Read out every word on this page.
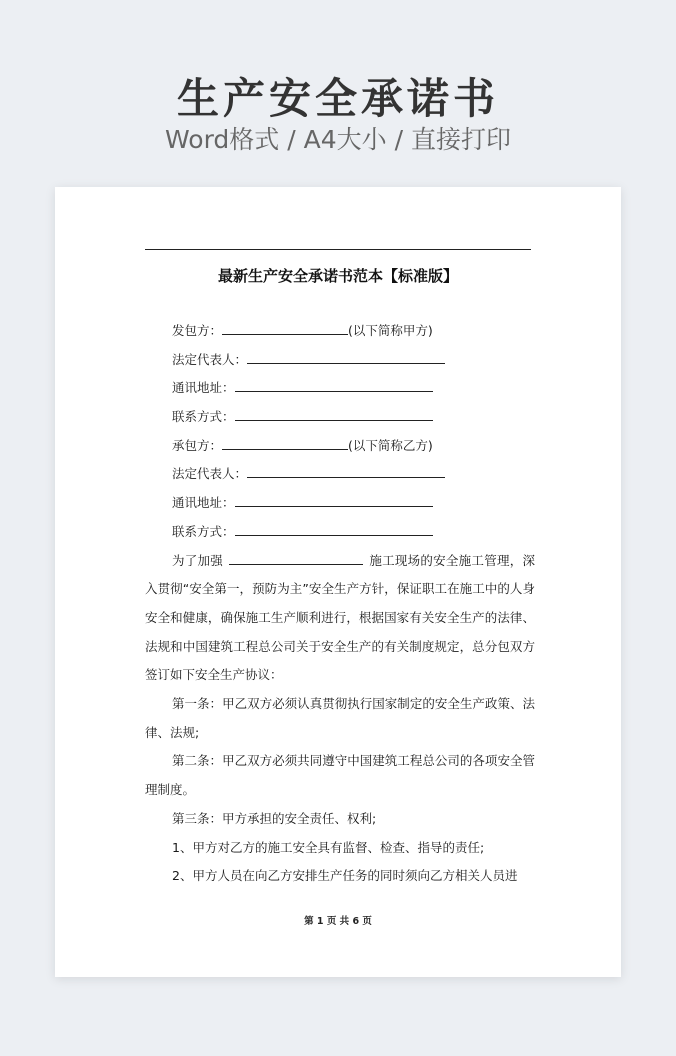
生产安全承诺书
Word格式 / A4大小 / 直接打印
最新生产安全承诺书范本【标准版】
发包方：	(以下简称甲方)
法定代表人：
通讯地址：
联系方式：
承包方：	(以下简称乙方)
法定代表人：
通讯地址：
联系方式：
为了加强	施工现场的安全施工管理，深入贯彻“安全第一，预防为主”安全生产方针，保证职工在施工中的人身安全和健康，确保施工生产顺利进行，根据国家有关安全生产的法律、法规和中国建筑工程总公司关于安全生产的有关制度规定，总分包双方签订如下安全生产协议：
第一条：甲乙双方必须认真贯彻执行国家制定的安全生产政策、法律、法规;
第二条：甲乙双方必须共同遵守中国建筑工程总公司的各项安全管理制度。
第三条：甲方承担的安全责任、权利;
1、甲方对乙方的施工安全具有监督、检查、指导的责任;
2、甲方人员在向乙方安排生产任务的同时须向乙方相关人员进
第 1 页 共 6 页
